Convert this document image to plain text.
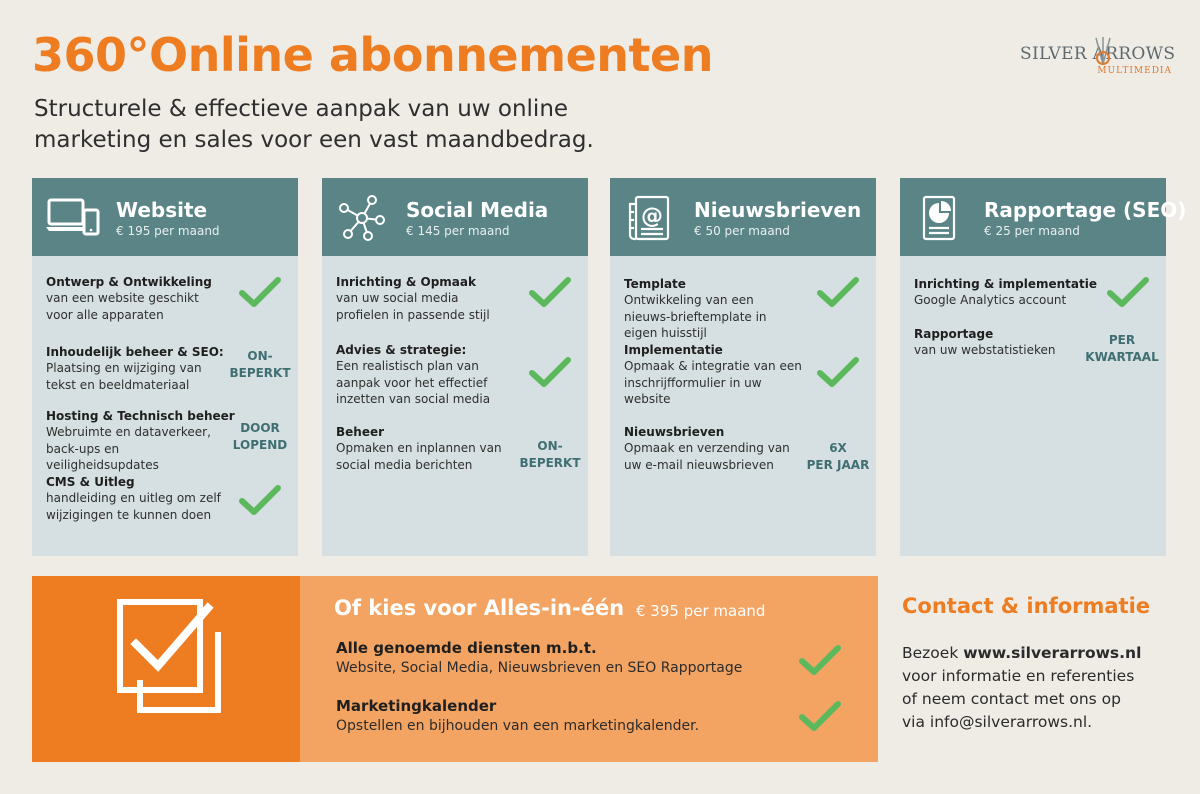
360°Online abonnementen
Structurele & effectieve aanpak van uw online
marketing en sales voor een vast maandbedrag.
SILVER ARROWS
MULTIMEDIA
Website
€ 195 per maand
Ontwerp & Ontwikkeling
van een website geschikt voor alle apparaten
Inhoudelijk beheer & SEO:
Plaatsing en wijziging van tekst en beeldmateriaal
ON-
BEPERKT
Hosting & Technisch beheer
Webruimte en dataverkeer, back-ups en veiligheidsupdates
DOOR
LOPEND
CMS & Uitleg
handleiding en uitleg om zelf wijzigingen te kunnen doen
Social Media
€ 145 per maand
Inrichting & Opmaak
van uw social media profielen in passende stijl
Advies & strategie:
Een realistisch plan van aanpak voor het effectief inzetten van social media
Beheer
Opmaken en inplannen van social media berichten
ON-
BEPERKT
@ Nieuwsbrieven
€ 50 per maand
Template
Ontwikkeling van een nieuws-brieftemplate in eigen huisstijl
Implementatie
Opmaak & integratie van een inschrijfformulier in uw website
Nieuwsbrieven
Opmaak en verzending van uw e-mail nieuwsbrieven
6X
PER JAAR
Rapportage (SEO)
€ 25 per maand
Inrichting & implementatie
Google Analytics account
Rapportage
van uw webstatistieken
PER
KWARTAAL
Of kies voor Alles-in-één € 395 per maand
Alle genoemde diensten m.b.t.
Website, Social Media, Nieuwsbrieven en SEO Rapportage
Marketingkalender
Opstellen en bijhouden van een marketingkalender.
Contact & informatie
Bezoek www.silverarrows.nl
voor informatie en referenties
of neem contact met ons op
via info@silverarrows.nl.
